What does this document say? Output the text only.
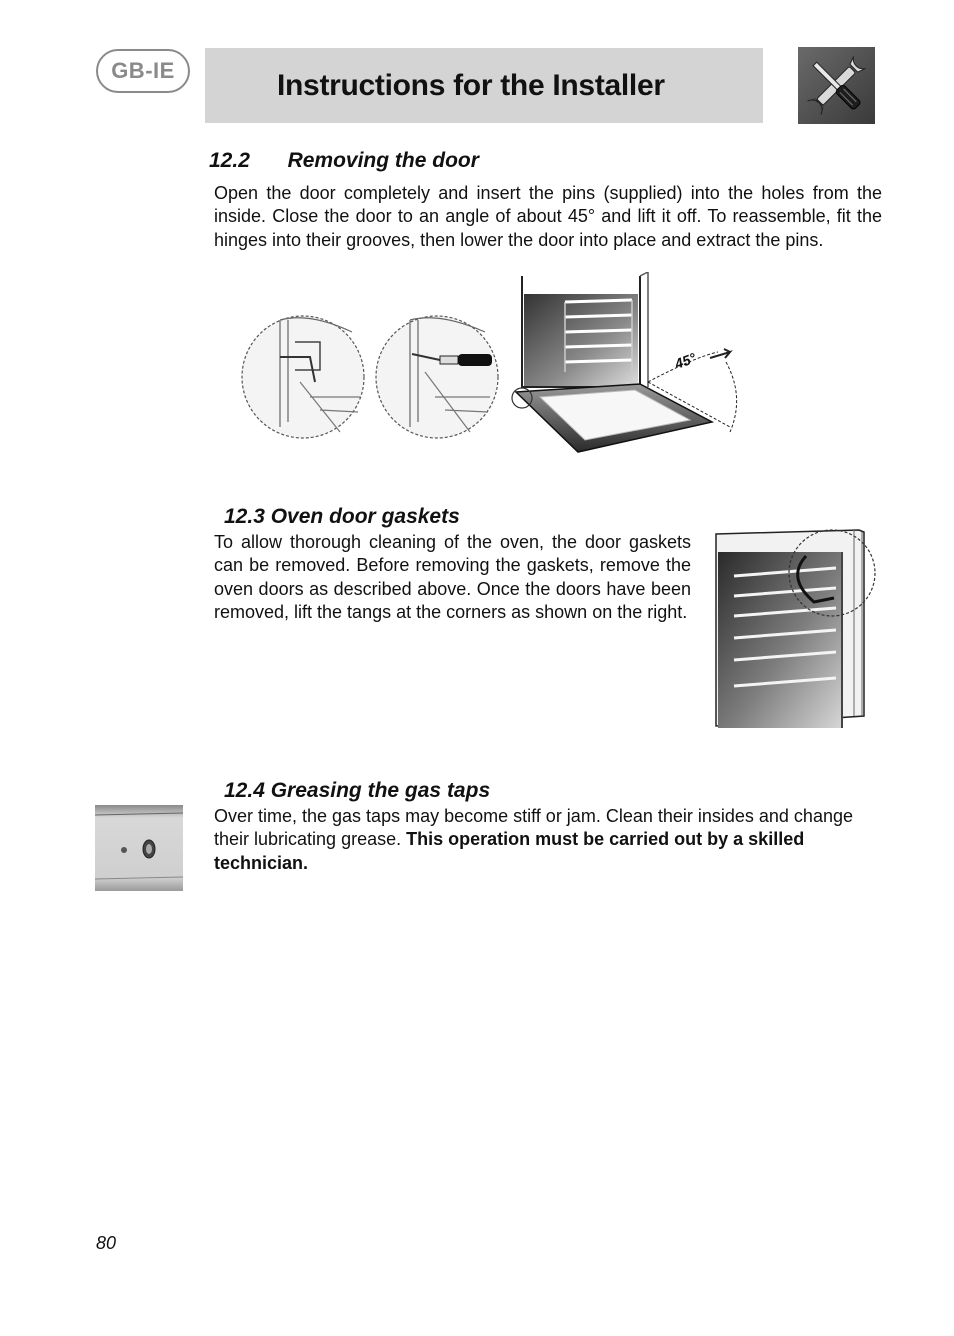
GB-IE	Instructions for the Installer
12.2 Removing the door
Open the door completely and insert the pins (supplied) into the holes from the inside. Close the door to an angle of about 45° and lift it off. To reassemble, fit the hinges into their grooves, then lower the door into place and extract the pins.
45°
12.3 Oven door gaskets
To allow thorough cleaning of the oven, the door gaskets can be removed. Before removing the gaskets, remove the oven doors as described above. Once the doors have been removed, lift the tangs at the corners as shown on the right.
12.4 Greasing the gas taps
Over time, the gas taps may become stiff or jam. Clean their insides and change their lubricating grease. This operation must be carried out by a skilled technician.
80
